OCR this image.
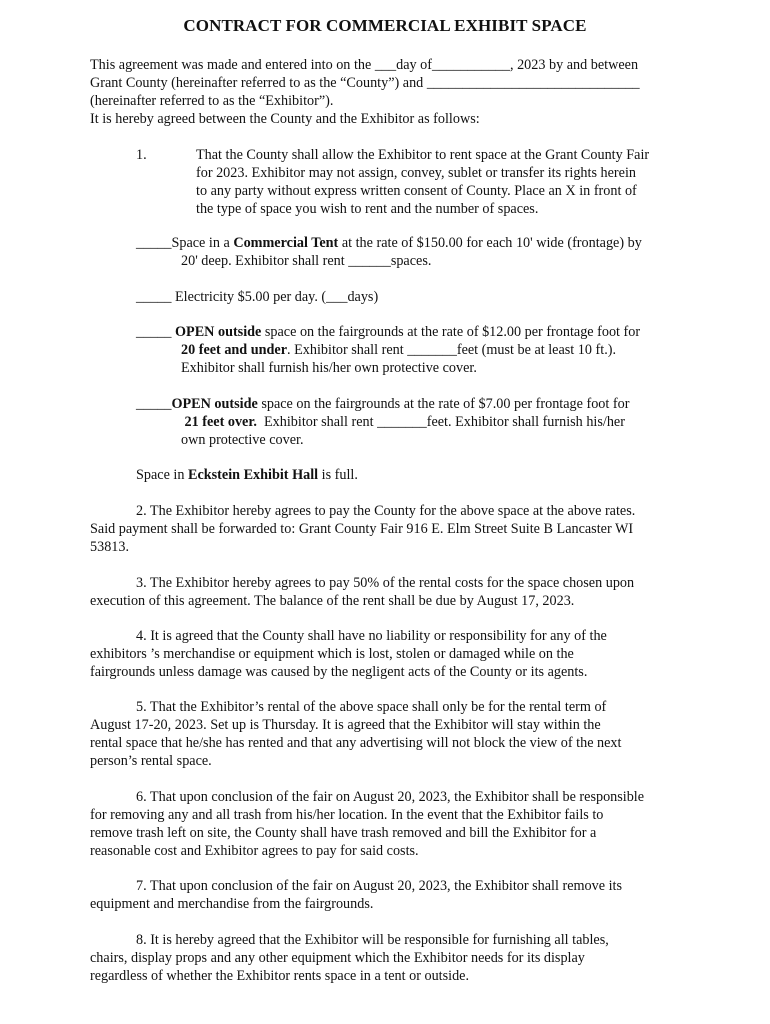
CONTRACT FOR COMMERCIAL EXHIBIT SPACE
This agreement was made and entered into on the ___day of___________, 2023 by and between
Grant County (hereinafter referred to as the “County”) and ______________________________
(hereinafter referred to as the “Exhibitor”).
It is hereby agreed between the County and the Exhibitor as follows:
1.	That the County shall allow the Exhibitor to rent space at the Grant County Fair
for 2023. Exhibitor may not assign, convey, sublet or transfer its rights herein
to any party without express written consent of County. Place an X in front of
the type of space you wish to rent and the number of spaces.
_____Space in a Commercial Tent at the rate of $150.00 for each 10' wide (frontage) by
20' deep. Exhibitor shall rent ______spaces.
_____ Electricity $5.00 per day. (___days)
_____ OPEN outside space on the fairgrounds at the rate of $12.00 per frontage foot for
20 feet and under. Exhibitor shall rent _______feet (must be at least 10 ft.).
Exhibitor shall furnish his/her own protective cover.
_____OPEN outside space on the fairgrounds at the rate of $7.00 per frontage foot for
21 feet over.  Exhibitor shall rent _______feet. Exhibitor shall furnish his/her
own protective cover.
Space in Eckstein Exhibit Hall is full.
2. The Exhibitor hereby agrees to pay the County for the above space at the above rates.
Said payment shall be forwarded to: Grant County Fair 916 E. Elm Street Suite B Lancaster WI
53813.
3. The Exhibitor hereby agrees to pay 50% of the rental costs for the space chosen upon
execution of this agreement. The balance of the rent shall be due by August 17, 2023.
4. It is agreed that the County shall have no liability or responsibility for any of the
exhibitors ’s merchandise or equipment which is lost, stolen or damaged while on the
fairgrounds unless damage was caused by the negligent acts of the County or its agents.
5. That the Exhibitor’s rental of the above space shall only be for the rental term of
August 17-20, 2023. Set up is Thursday. It is agreed that the Exhibitor will stay within the
rental space that he/she has rented and that any advertising will not block the view of the next
person’s rental space.
6. That upon conclusion of the fair on August 20, 2023, the Exhibitor shall be responsible
for removing any and all trash from his/her location. In the event that the Exhibitor fails to
remove trash left on site, the County shall have trash removed and bill the Exhibitor for a
reasonable cost and Exhibitor agrees to pay for said costs.
7. That upon conclusion of the fair on August 20, 2023, the Exhibitor shall remove its
equipment and merchandise from the fairgrounds.
8. It is hereby agreed that the Exhibitor will be responsible for furnishing all tables,
chairs, display props and any other equipment which the Exhibitor needs for its display
regardless of whether the Exhibitor rents space in a tent or outside.
